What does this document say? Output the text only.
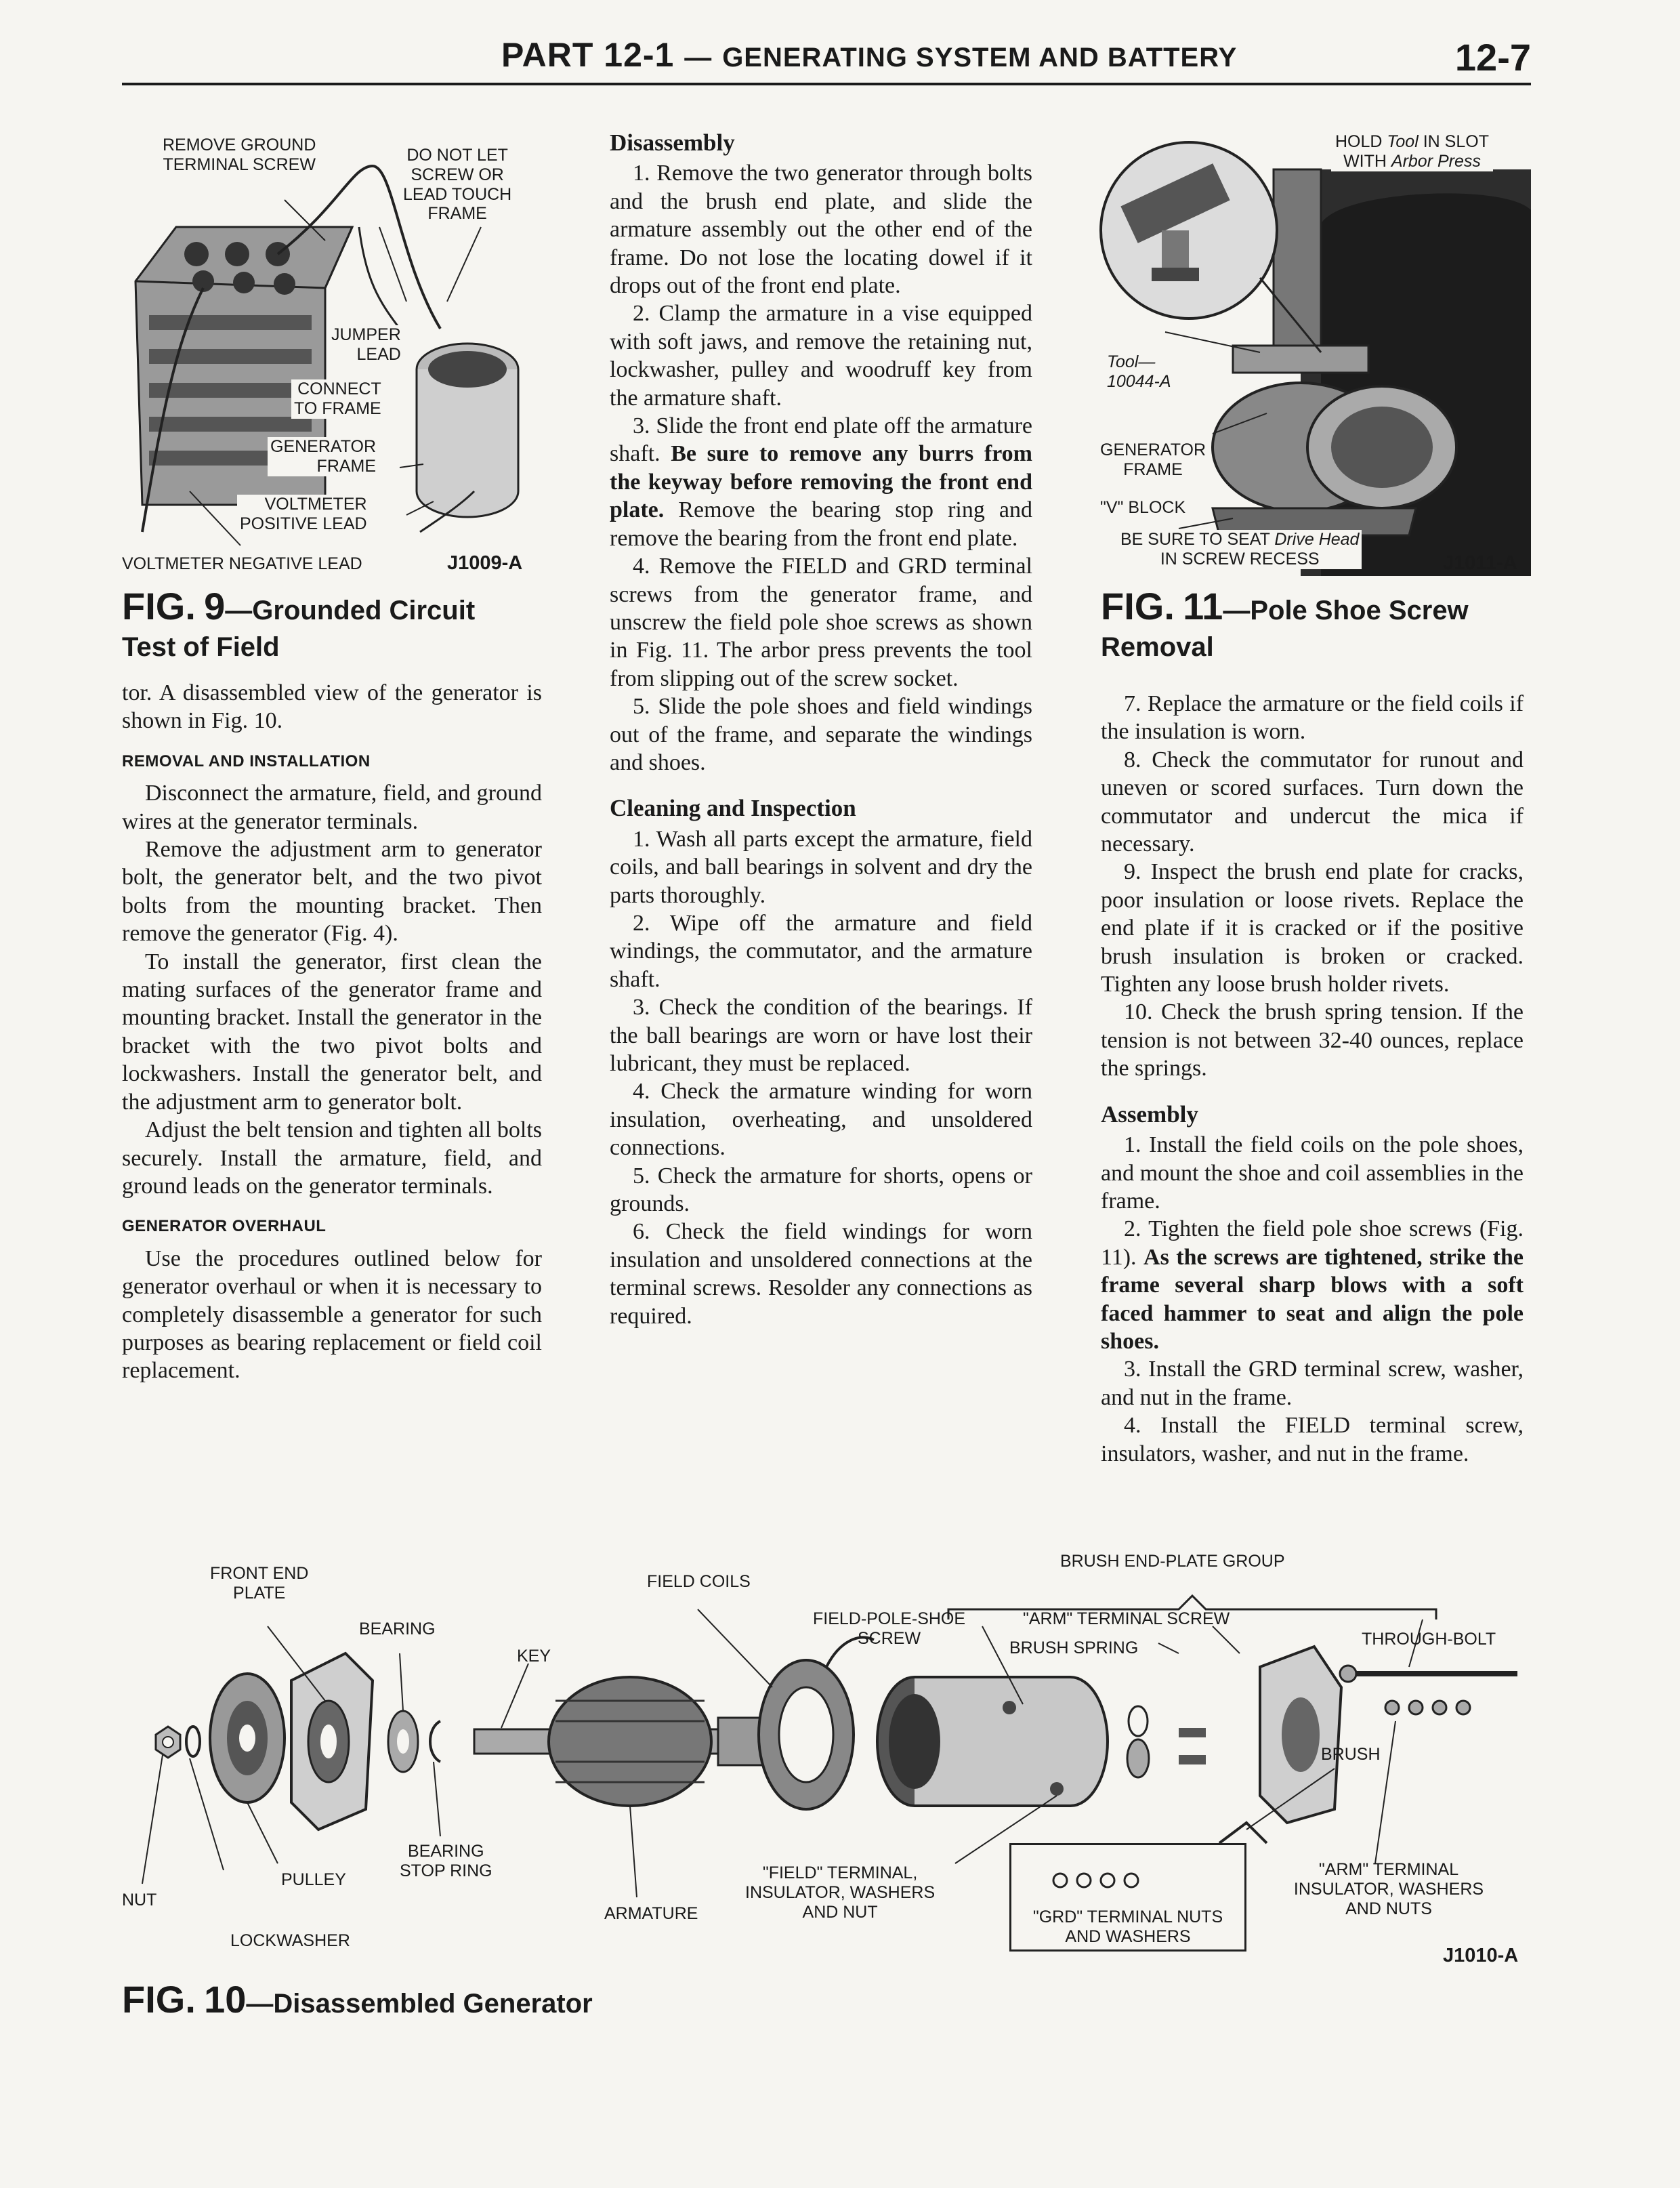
PART 12-1 — GENERATING SYSTEM AND BATTERY	12-7
REMOVE GROUND
TERMINAL SCREW	DO NOT LET
SCREW OR
LEAD TOUCH
FRAME
JUMPER
LEAD
CONNECT
TO FRAME
GENERATOR
FRAME
VOLTMETER
POSITIVE LEAD
VOLTMETER NEGATIVE LEAD	J1009-A
FIG. 9—Grounded Circuit
Test of Field

tor. A disassembled view of the generator is shown in Fig. 10.

REMOVAL AND INSTALLATION

Disconnect the armature, field, and ground wires at the generator terminals.

Remove the adjustment arm to generator bolt, the generator belt, and the two pivot bolts from the mounting bracket. Then remove the generator (Fig. 4).

To install the generator, first clean the mating surfaces of the generator frame and mounting bracket. Install the generator in the bracket with the two pivot bolts and lockwashers. Install the generator belt, and the adjustment arm to generator bolt.

Adjust the belt tension and tighten all bolts securely. Install the armature, field, and ground leads on the generator terminals.

GENERATOR OVERHAUL

Use the procedures outlined below for generator overhaul or when it is necessary to completely disassemble a generator for such purposes as bearing replacement or field coil replacement.

Disassembly

1. Remove the two generator through bolts and the brush end plate, and slide the armature assembly out the other end of the frame. Do not lose the locating dowel if it drops out of the front end plate.

2. Clamp the armature in a vise equipped with soft jaws, and remove the retaining nut, lockwasher, pulley and woodruff key from the armature shaft.

3. Slide the front end plate off the armature shaft. Be sure to remove any burrs from the keyway before removing the front end plate. Remove the bearing stop ring and remove the bearing from the front end plate.

4. Remove the FIELD and GRD terminal screws from the generator frame, and unscrew the field pole shoe screws as shown in Fig. 11. The arbor press prevents the tool from slipping out of the screw socket.

5. Slide the pole shoes and field windings out of the frame, and separate the windings and shoes.

Cleaning and Inspection

1. Wash all parts except the armature, field coils, and ball bearings in solvent and dry the parts thoroughly.

2. Wipe off the armature and field windings, the commutator, and the armature shaft.

3. Check the condition of the bearings. If the ball bearings are worn or have lost their lubricant, they must be replaced.

4. Check the armature winding for worn insulation, overheating, and unsoldered connections.

5. Check the armature for shorts, opens or grounds.

6. Check the field windings for worn insulation and unsoldered connections at the terminal screws. Resolder any connections as required.

HOLD Tool IN SLOT
WITH Arbor Press
Tool—
10044-A
GENERATOR
FRAME
"V" BLOCK
BE SURE TO SEAT Drive Head
IN SCREW RECESS	J1011-A
FIG. 11—Pole Shoe Screw
Removal

7. Replace the armature or the field coils if the insulation is worn.

8. Check the commutator for runout and uneven or scored surfaces. Turn down the commutator and undercut the mica if necessary.

9. Inspect the brush end plate for cracks, poor insulation or loose rivets. Replace the end plate if it is cracked or if the positive brush insulation is broken or cracked. Tighten any loose brush holder rivets.

10. Check the brush spring tension. If the tension is not between 32-40 ounces, replace the springs.

Assembly

1. Install the field coils on the pole shoes, and mount the shoe and coil assemblies in the frame.

2. Tighten the field pole shoe screws (Fig. 11). As the screws are tightened, strike the frame several sharp blows with a soft faced hammer to seat and align the pole shoes.

3. Install the GRD terminal screw, washer, and nut in the frame.

4. Install the FIELD terminal screw, insulators, washer, and nut in the frame.

FRONT END
PLATE
BEARING
KEY
FIELD COILS
BRUSH END-PLATE GROUP
FIELD-POLE-SHOE
SCREW
"ARM" TERMINAL SCREW
BRUSH SPRING	THROUGH-BOLT
BRUSH
NUT
PULLEY
LOCKWASHER
BEARING
STOP RING
ARMATURE
"FIELD" TERMINAL,
INSULATOR, WASHERS
AND NUT	"GRD" TERMINAL NUTS
AND WASHERS
"ARM" TERMINAL
INSULATOR, WASHERS
AND NUTS
J1010-A
FIG. 10—Disassembled Generator
